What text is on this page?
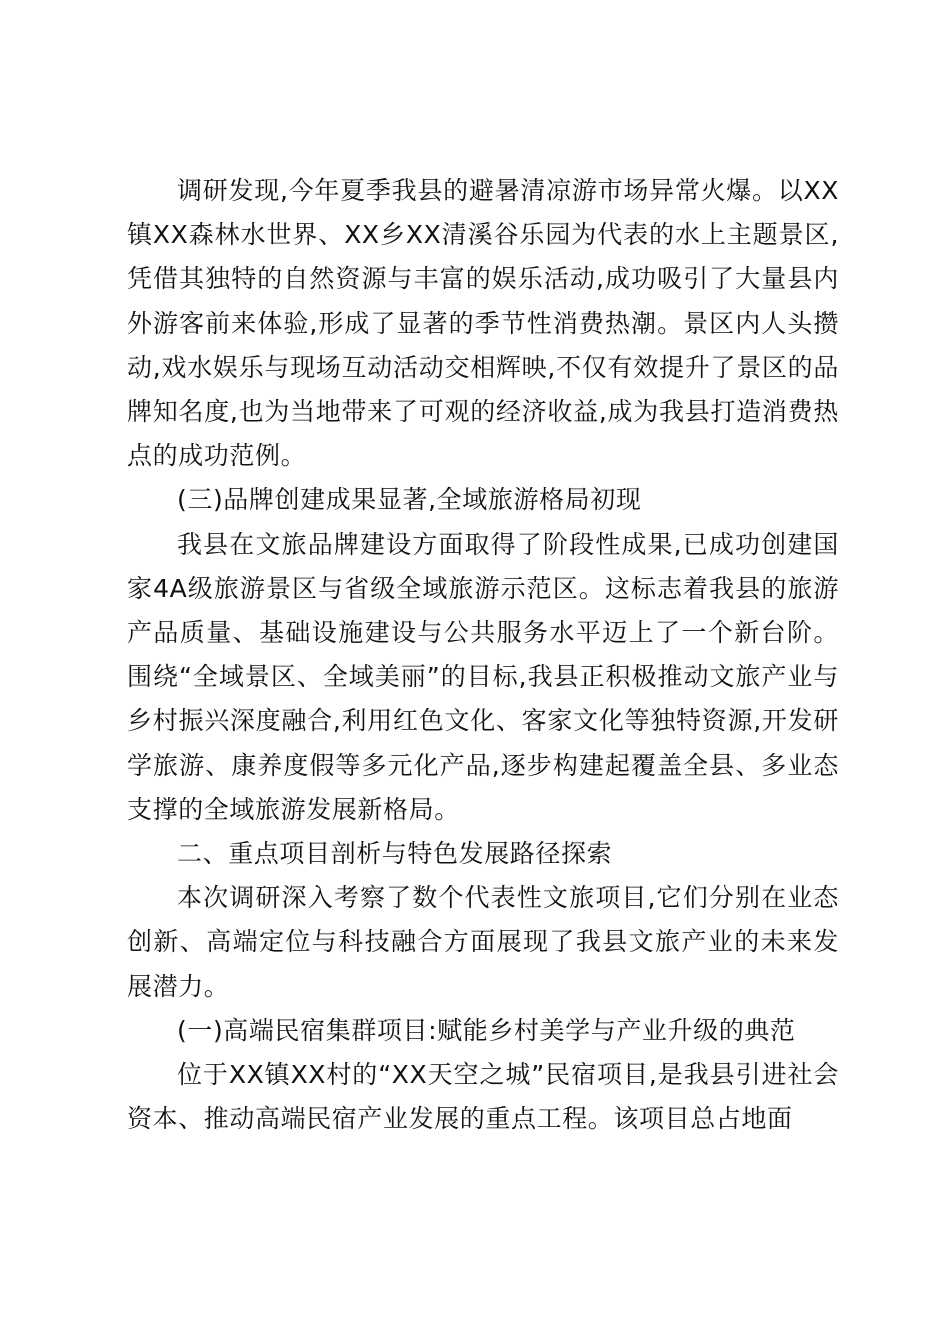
调研发现,今年夏季我县的避暑清凉游市场异常火爆。以XX镇XX森林水世界、XX乡XX清溪谷乐园为代表的水上主题景区,凭借其独特的自然资源与丰富的娱乐活动,成功吸引了大量县内外游客前来体验,形成了显著的季节性消费热潮。景区内人头攒动,戏水娱乐与现场互动活动交相辉映,不仅有效提升了景区的品牌知名度,也为当地带来了可观的经济收益,成为我县打造消费热点的成功范例。

(三)品牌创建成果显著,全域旅游格局初现

我县在文旅品牌建设方面取得了阶段性成果,已成功创建国家4A级旅游景区与省级全域旅游示范区。这标志着我县的旅游产品质量、基础设施建设与公共服务水平迈上了一个新台阶。围绕“全域景区、全域美丽”的目标,我县正积极推动文旅产业与乡村振兴深度融合,利用红色文化、客家文化等独特资源,开发研学旅游、康养度假等多元化产品,逐步构建起覆盖全县、多业态支撑的全域旅游发展新格局。

二、重点项目剖析与特色发展路径探索

本次调研深入考察了数个代表性文旅项目,它们分别在业态创新、高端定位与科技融合方面展现了我县文旅产业的未来发展潜力。

(一)高端民宿集群项目:赋能乡村美学与产业升级的典范

位于XX镇XX村的“XX天空之城”民宿项目,是我县引进社会资本、推动高端民宿产业发展的重点工程。该项目总占地面
